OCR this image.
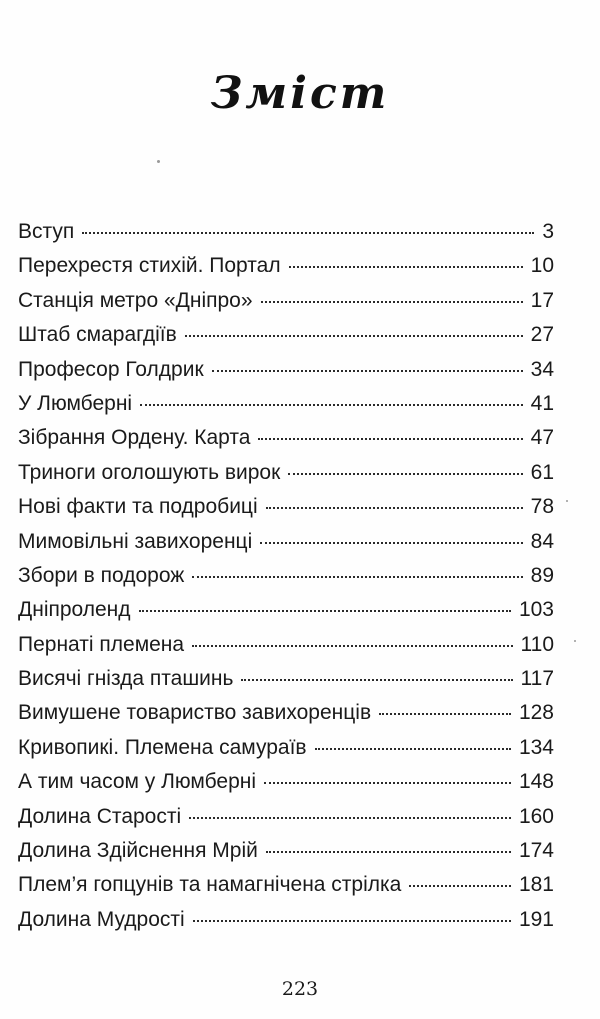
Зміст
Вступ	3
Перехрестя стихій. Портал	10
Станція метро «Дніпро»	17
Штаб смарагдіїв	27
Професор Голдрик	34
У Люмберні	41
Зібрання Ордену. Карта	47
Триноги оголошують вирок	61
Нові факти та подробиці	78
Мимовільні завихоренці	84
Збори в подорож	89
Дніпроленд	103
Пернаті племена	110
Висячі гнізда пташинь	117
Вимушене товариство завихоренців	128
Кривопикі. Племена самураїв	134
А тим часом у Люмберні	148
Долина Старості	160
Долина Здійснення Мрій	174
Плем’я гопцунів та намагнічена стрілка	181
Долина Мудрості	191
223
